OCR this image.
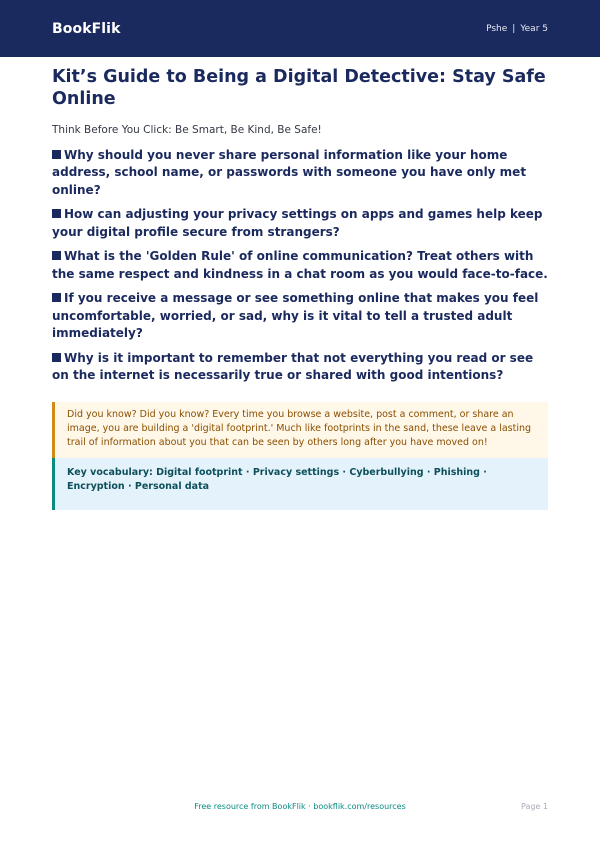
BookFlik	Pshe | Year 5
Kit’s Guide to Being a Digital Detective: Stay Safe Online

Think Before You Click: Be Smart, Be Kind, Be Safe!

Why should you never share personal information like your home address, school name, or passwords with someone you have only met online?

How can adjusting your privacy settings on apps and games help keep your digital profile secure from strangers?

What is the 'Golden Rule' of online communication? Treat others with the same respect and kindness in a chat room as you would face-to-face.

If you receive a message or see something online that makes you feel uncomfortable, worried, or sad, why is it vital to tell a trusted adult immediately?

Why is it important to remember that not everything you read or see on the internet is necessarily true or shared with good intentions?

Did you know? Did you know? Every time you browse a website, post a comment, or share an image, you are building a 'digital footprint.' Much like footprints in the sand, these leave a lasting trail of information about you that can be seen by others long after you have moved on!
Key vocabulary: Digital footprint · Privacy settings · Cyberbullying · Phishing · Encryption · Personal data
Free resource from BookFlik · bookflik.com/resources	Page 1
